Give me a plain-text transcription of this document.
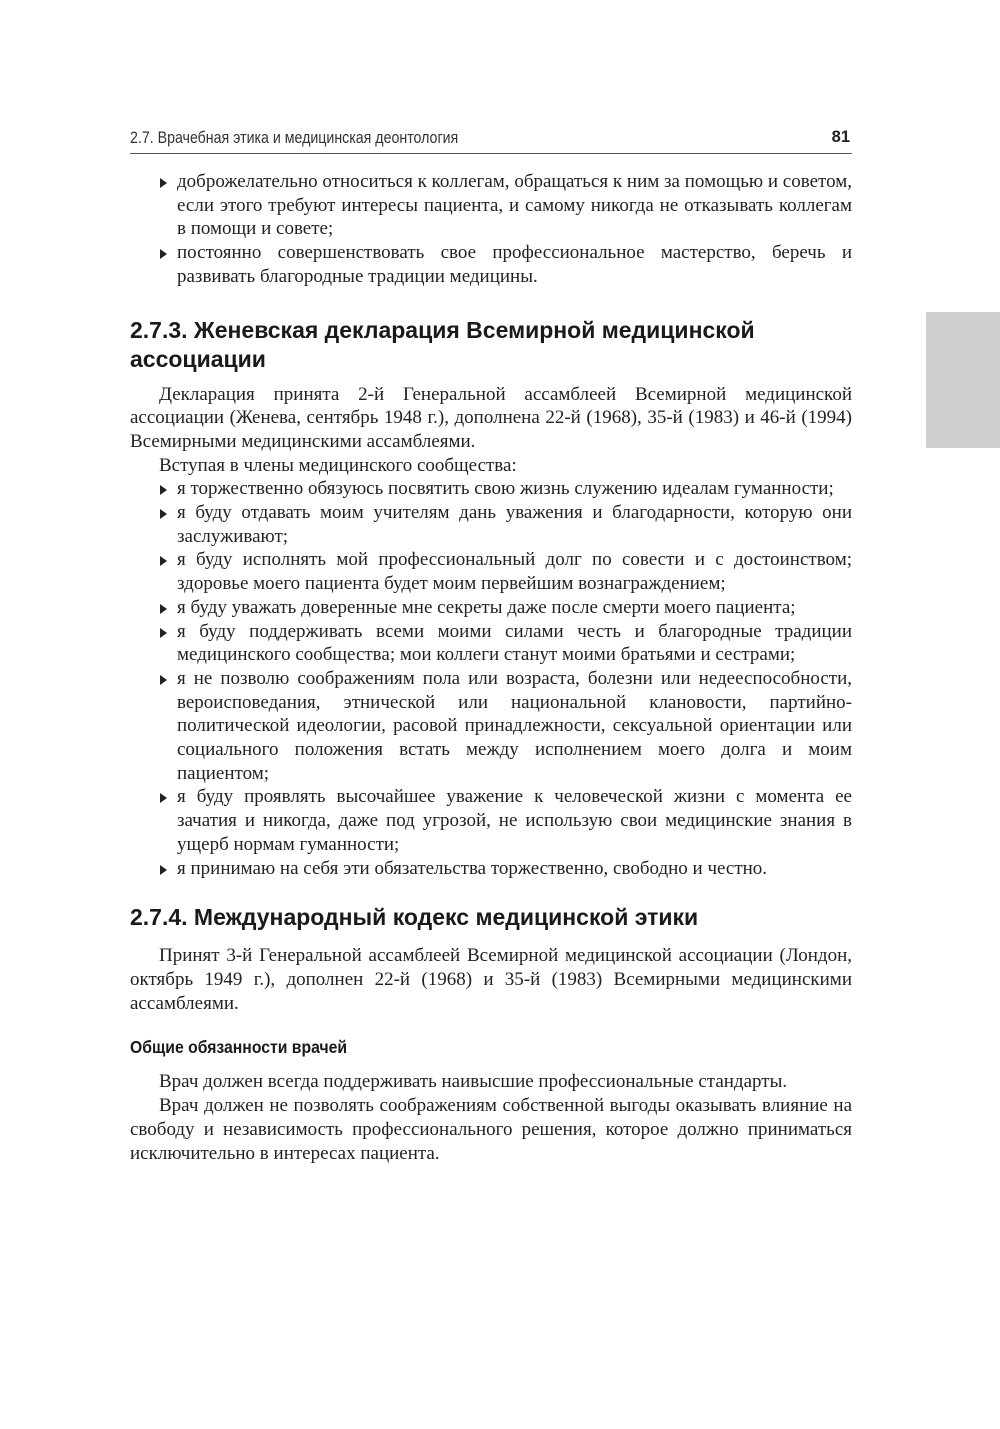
2.7. Врачебная этика и медицинская деонтология	81
доброжелательно относиться к коллегам, обращаться к ним за помощью и советом, если этого требуют интересы пациента, и самому никогда не отказывать коллегам в помощи и совете;
постоянно совершенствовать свое профессиональное мастерство, беречь и развивать благородные традиции медицины.
2.7.3. Женевская декларация Всемирной медицинской ассоциации

Декларация принята 2-й Генеральной ассамблеей Всемирной медицинской ассоциации (Женева, сентябрь 1948 г.), дополнена 22-й (1968), 35-й (1983) и 46-й (1994) Всемирными медицинскими ассамблеями.

Вступая в члены медицинского сообщества:

я торжественно обязуюсь посвятить свою жизнь служению идеалам гуманности;
я буду отдавать моим учителям дань уважения и благодарности, которую они заслуживают;
я буду исполнять мой профессиональный долг по совести и с достоинством; здоровье моего пациента будет моим первейшим вознаграждением;
я буду уважать доверенные мне секреты даже после смерти моего пациента;
я буду поддерживать всеми моими силами честь и благородные традиции медицинского сообщества; мои коллеги станут моими братьями и сестрами;
я не позволю соображениям пола или возраста, болезни или недееспособности, вероисповедания, этнической или национальной клановости, партийно-политической идеологии, расовой принадлежности, сексуальной ориентации или социального положения встать между исполнением моего долга и моим пациентом;
я буду проявлять высочайшее уважение к человеческой жизни с момента ее зачатия и никогда, даже под угрозой, не использую свои медицинские знания в ущерб нормам гуманности;
я принимаю на себя эти обязательства торжественно, свободно и честно.
2.7.4. Международный кодекс медицинской этики

Принят 3-й Генеральной ассамблеей Всемирной медицинской ассоциации (Лондон, октябрь 1949 г.), дополнен 22-й (1968) и 35-й (1983) Всемирными медицинскими ассамблеями.

Общие обязанности врачей

Врач должен всегда поддерживать наивысшие профессиональные стандарты.

Врач должен не позволять соображениям собственной выгоды оказывать влияние на свободу и независимость профессионального решения, которое должно приниматься исключительно в интересах пациента.
